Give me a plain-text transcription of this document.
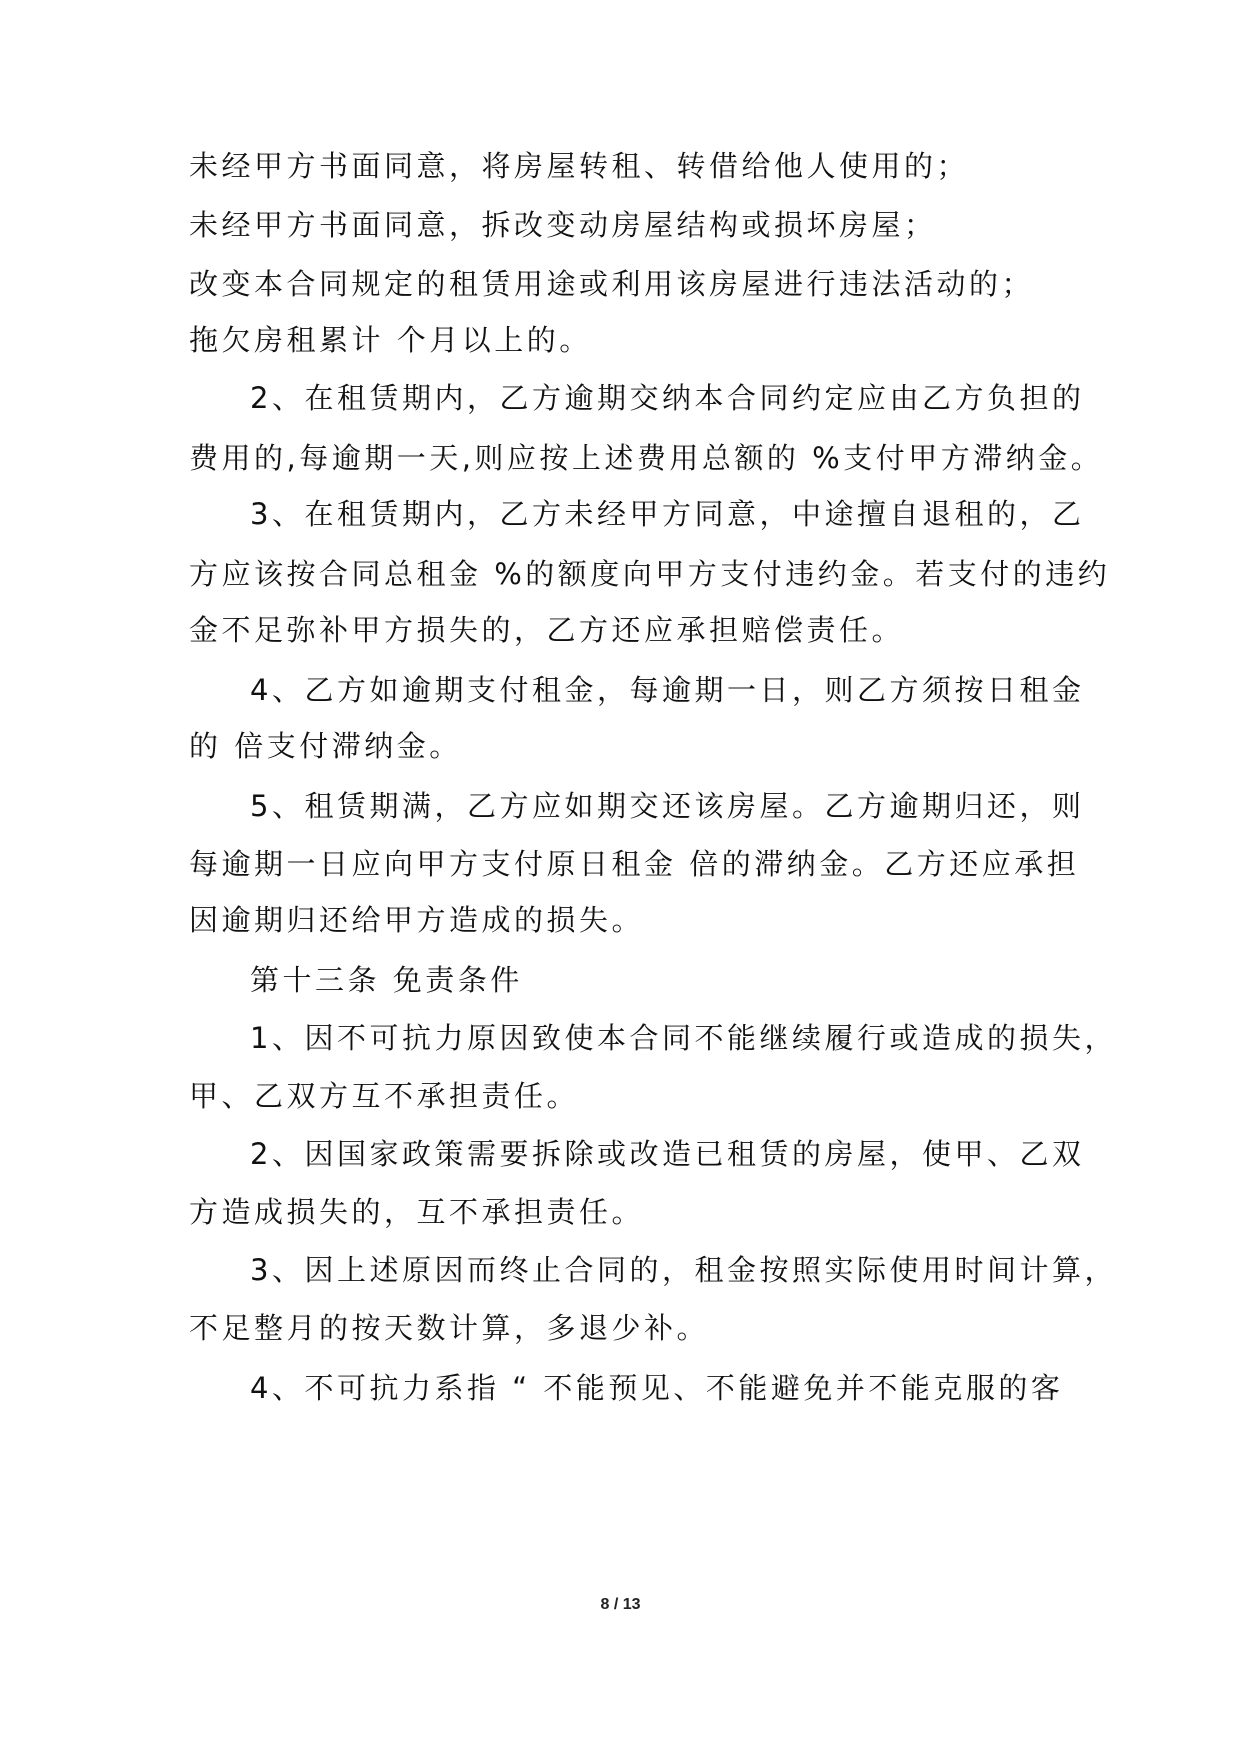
未经甲方书面同意，将房屋转租、转借给他人使用的；
未经甲方书面同意，拆改变动房屋结构或损坏房屋；
改变本合同规定的租赁用途或利用该房屋进行违法活动的；
拖欠房租累计 个月以上的。
2、在租赁期内，乙方逾期交纳本合同约定应由乙方负担的
费用的,每逾期一天,则应按上述费用总额的 %支付甲方滞纳金。
3、在租赁期内，乙方未经甲方同意，中途擅自退租的，乙
方应该按合同总租金 %的额度向甲方支付违约金。若支付的违约
金不足弥补甲方损失的，乙方还应承担赔偿责任。
4、乙方如逾期支付租金，每逾期一日，则乙方须按日租金
的 倍支付滞纳金。
5、租赁期满，乙方应如期交还该房屋。乙方逾期归还，则
每逾期一日应向甲方支付原日租金 倍的滞纳金。乙方还应承担
因逾期归还给甲方造成的损失。
第十三条 免责条件
1、因不可抗力原因致使本合同不能继续履行或造成的损失，
甲、乙双方互不承担责任。
2、因国家政策需要拆除或改造已租赁的房屋，使甲、乙双
方造成损失的，互不承担责任。
3、因上述原因而终止合同的，租金按照实际使用时间计算，
不足整月的按天数计算，多退少补。
4、不可抗力系指 “ 不能预见、不能避免并不能克服的客
8 / 13
